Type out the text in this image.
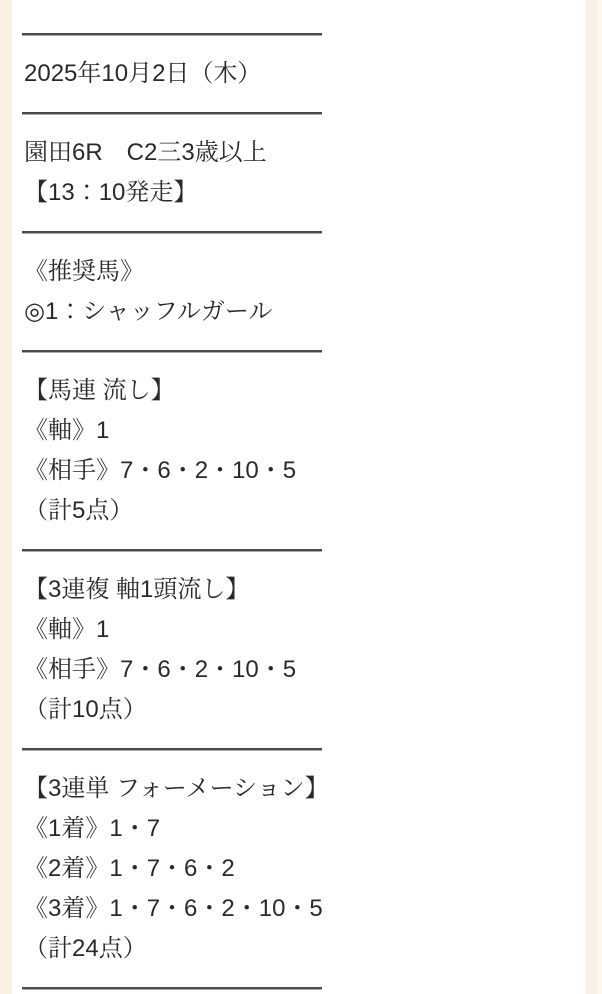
2025年10月2日（木）

園田6R　C2三3歳以上

【13：10発走】

《推奨馬》

◎1：シャッフルガール

【馬連 流し】

《軸》1

《相手》7・6・2・10・5

（計5点）

【3連複 軸1頭流し】

《軸》1

《相手》7・6・2・10・5

（計10点）

【3連単 フォーメーション】

《1着》1・7

《2着》1・7・6・2

《3着》1・7・6・2・10・5

（計24点）
